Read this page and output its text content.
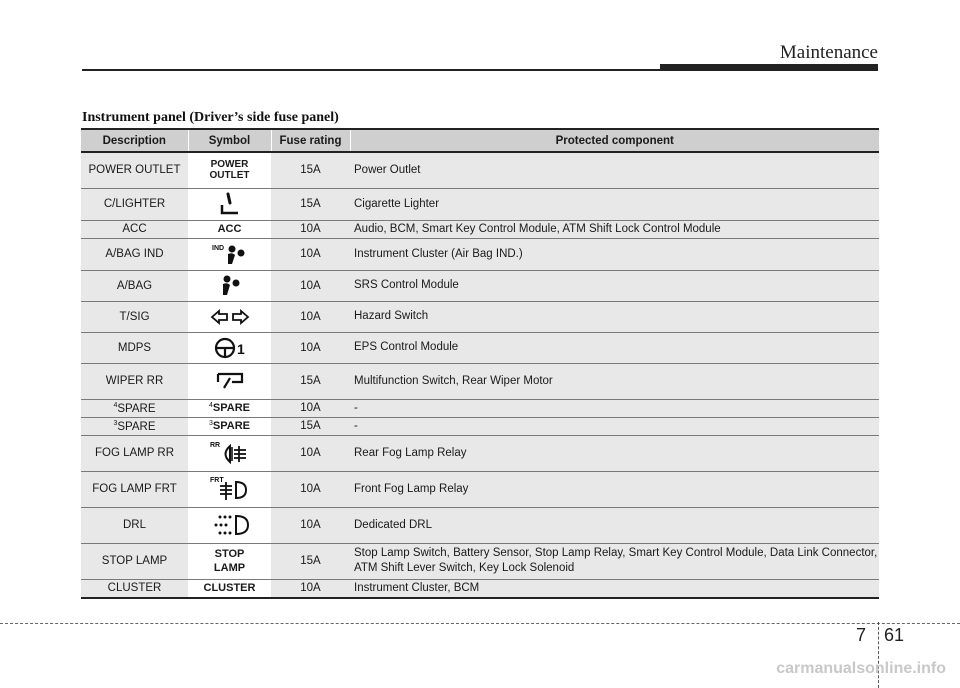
Maintenance
Instrument panel (Driver’s side fuse panel)
Description	Symbol	Fuse rating	Protected component
POWER OUTLET	POWER OUTLET	15A	Power Outlet
C/LIGHTER		15A	Cigarette Lighter
ACC	ACC	10A	Audio, BCM, Smart Key Control Module, ATM Shift Lock Control Module
A/BAG IND	IND	10A	Instrument Cluster (Air Bag IND.)
A/BAG		10A	SRS Control Module
T/SIG		10A	Hazard Switch
MDPS	1	10A	EPS Control Module
WIPER RR		15A	Multifunction Switch, Rear Wiper Motor
$^4$SPARE	$^4$SPARE	10A	-
$^3$SPARE	$^3$SPARE	15A	-
FOG LAMP RR	RR	10A	Rear Fog Lamp Relay
FOG LAMP FRT	FRT	10A	Front Fog Lamp Relay
DRL		10A	Dedicated DRL
STOP LAMP	STOP LAMP	15A	Stop Lamp Switch, Battery Sensor, Stop Lamp Relay, Smart Key Control Module, Data Link Connector, ATM Shift Lever Switch, Key Lock Solenoid
CLUSTER	CLUSTER	10A	Instrument Cluster, BCM
7 61
carmanualsonline.info
